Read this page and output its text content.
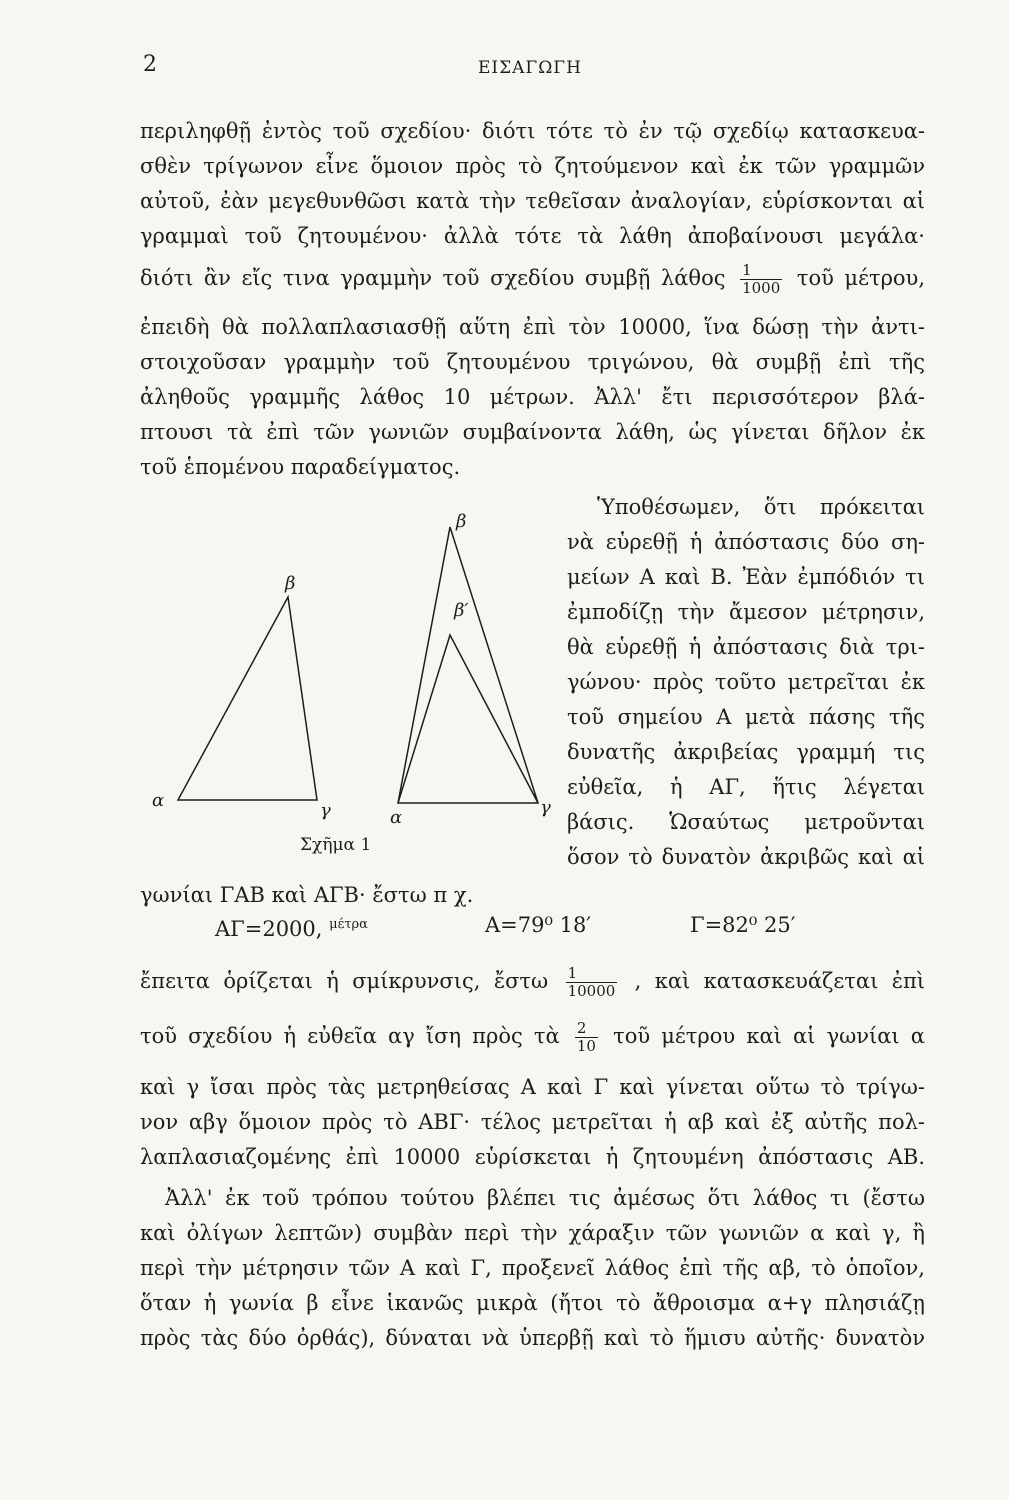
2	ΕΙΣΑΓΩΓΗ
περιληφθῇ ἐντὸς τοῦ σχεδίου· διότι τότε τὸ ἐν τῷ σχεδίῳ κατασκευα-
σθὲν τρίγωνον εἶνε ὅμοιον πρὸς τὸ ζητούμενον καὶ ἐκ τῶν γραμμῶν
αὐτοῦ, ἐὰν μεγεθυνθῶσι κατὰ τὴν τεθεῖσαν ἀναλογίαν, εὑρίσκονται αἱ
γραμμαὶ τοῦ ζητουμένου· ἀλλὰ τότε τὰ λάθη ἀποβαίνουσι μεγάλα·
διότι ἂν εἴς τινα γραμμὴν τοῦ σχεδίου συμβῇ λάθος $\frac{1}{1000}$ τοῦ μέτρου,
ἐπειδὴ θὰ πολλαπλασιασθῇ αὕτη ἐπὶ τὸν 10000, ἵνα δώσῃ τὴν ἀντι-
στοιχοῦσαν γραμμὴν τοῦ ζητουμένου τριγώνου, θὰ συμβῇ ἐπὶ τῆς
ἀληθοῦς γραμμῆς λάθος 10 μέτρων. Ἀλλ' ἔτι περισσότερον βλά-
πτουσι τὰ ἐπὶ τῶν γωνιῶν συμβαίνοντα λάθη, ὡς γίνεται δῆλον ἐκ
τοῦ ἑπομένου παραδείγματος.
α
β
γ	α
β
β′
γ
Σχῆμα 1
Ὑποθέσωμεν, ὅτι πρόκειται
νὰ εὑρεθῇ ἡ ἀπόστασις δύο ση-
μείων Α καὶ Β. Ἐὰν ἐμπόδιόν τι
ἐμποδίζῃ τὴν ἄμεσον μέτρησιν,
θὰ εὑρεθῇ ἡ ἀπόστασις διὰ τρι-
γώνου· πρὸς τοῦτο μετρεῖται ἐκ
τοῦ σημείου Α μετὰ πάσης τῆς
δυνατῆς ἀκριβείας γραμμή τις
εὐθεῖα, ἡ ΑΓ, ἥτις λέγεται
βάσις. Ὡσαύτως μετροῦνται
ὅσον τὸ δυνατὸν ἀκριβῶς καὶ αἱ
γωνίαι ΓΑΒ καὶ ΑΓΒ· ἔστω π χ.
ΑΓ=2000, $^{\mu έ\tau\rho\alpha}$	Α=79⁰ 18′	Γ=82⁰ 25′
ἔπειτα ὁρίζεται ἡ σμίκρυνσις, ἔστω $\frac{1}{10000}$ , καὶ κατασκευάζεται ἐπὶ
τοῦ σχεδίου ἡ εὐθεῖα αγ ἴση πρὸς τὰ $\frac{2}{10}$ τοῦ μέτρου καὶ αἱ γωνίαι α
καὶ γ ἴσαι πρὸς τὰς μετρηθείσας Α καὶ Γ καὶ γίνεται οὕτω τὸ τρίγω-
νον αβγ ὅμοιον πρὸς τὸ ΑΒΓ· τέλος μετρεῖται ἡ αβ καὶ ἐξ αὐτῆς πολ-
λαπλασιαζομένης ἐπὶ 10000 εὑρίσκεται ἡ ζητουμένη ἀπόστασις ΑΒ.
Ἀλλ' ἐκ τοῦ τρόπου τούτου βλέπει τις ἀμέσως ὅτι λάθος τι (ἔστω
καὶ ὀλίγων λεπτῶν) συμβὰν περὶ τὴν χάραξιν τῶν γωνιῶν α καὶ γ, ἢ
περὶ τὴν μέτρησιν τῶν Α καὶ Γ, προξενεῖ λάθος ἐπὶ τῆς αβ, τὸ ὁποῖον,
ὅταν ἡ γωνία β εἶνε ἱκανῶς μικρὰ (ἤτοι τὸ ἄθροισμα α+γ πλησιάζῃ
πρὸς τὰς δύο ὀρθάς), δύναται νὰ ὑπερβῇ καὶ τὸ ἥμισυ αὐτῆς· δυνατὸν
